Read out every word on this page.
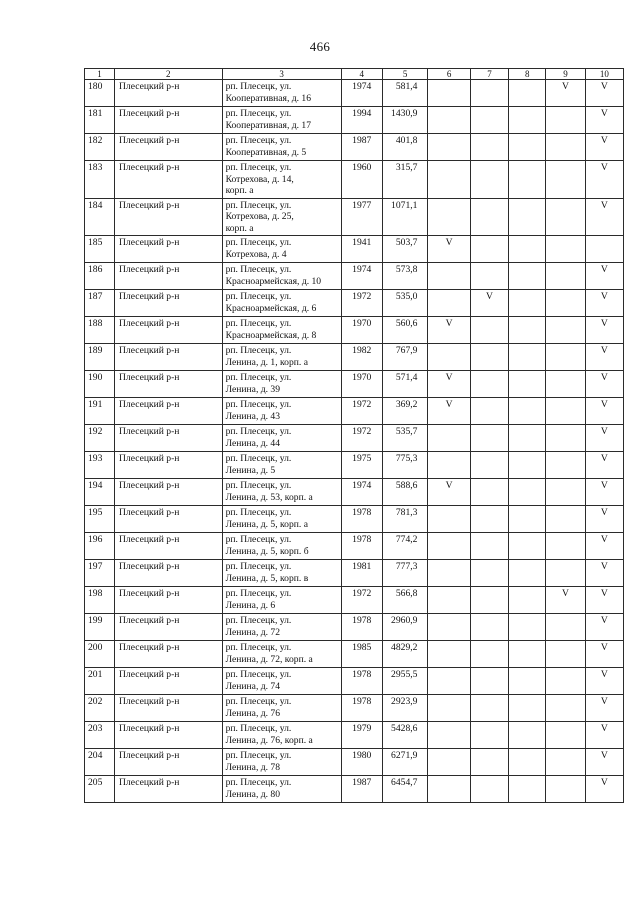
466
1	2	3	4	5	6	7	8	9	10
180	Плесецкий р-н	рп. Плесецк, ул.
Кооперативная, д. 16	1974	581,4				V	V
181	Плесецкий р-н	рп. Плесецк, ул.
Кооперативная, д. 17	1994	1430,9					V
182	Плесецкий р-н	рп. Плесецк, ул.
Кооперативная, д. 5	1987	401,8					V
183	Плесецкий р-н	рп. Плесецк, ул.
Котрехова, д. 14,
корп. а	1960	315,7					V
184	Плесецкий р-н	рп. Плесецк, ул.
Котрехова, д. 25,
корп. а	1977	1071,1					V
185	Плесецкий р-н	рп. Плесецк, ул.
Котрехова, д. 4	1941	503,7	V				
186	Плесецкий р-н	рп. Плесецк, ул.
Красноармейская, д. 10	1974	573,8					V
187	Плесецкий р-н	рп. Плесецк, ул.
Красноармейская, д. 6	1972	535,0		V			V
188	Плесецкий р-н	рп. Плесецк, ул.
Красноармейская, д. 8	1970	560,6	V				V
189	Плесецкий р-н	рп. Плесецк, ул.
Ленина, д. 1, корп. а	1982	767,9					V
190	Плесецкий р-н	рп. Плесецк, ул.
Ленина, д. 39	1970	571,4	V				V
191	Плесецкий р-н	рп. Плесецк, ул.
Ленина, д. 43	1972	369,2	V				V
192	Плесецкий р-н	рп. Плесецк, ул.
Ленина, д. 44	1972	535,7					V
193	Плесецкий р-н	рп. Плесецк, ул.
Ленина, д. 5	1975	775,3					V
194	Плесецкий р-н	рп. Плесецк, ул.
Ленина, д. 53, корп. а	1974	588,6	V				V
195	Плесецкий р-н	рп. Плесецк, ул.
Ленина, д. 5, корп. а	1978	781,3					V
196	Плесецкий р-н	рп. Плесецк, ул.
Ленина, д. 5, корп. б	1978	774,2					V
197	Плесецкий р-н	рп. Плесецк, ул.
Ленина, д. 5, корп. в	1981	777,3					V
198	Плесецкий р-н	рп. Плесецк, ул.
Ленина, д. 6	1972	566,8				V	V
199	Плесецкий р-н	рп. Плесецк, ул.
Ленина, д. 72	1978	2960,9					V
200	Плесецкий р-н	рп. Плесецк, ул.
Ленина, д. 72, корп. а	1985	4829,2					V
201	Плесецкий р-н	рп. Плесецк, ул.
Ленина, д. 74	1978	2955,5					V
202	Плесецкий р-н	рп. Плесецк, ул.
Ленина, д. 76	1978	2923,9					V
203	Плесецкий р-н	рп. Плесецк, ул.
Ленина, д. 76, корп. а	1979	5428,6					V
204	Плесецкий р-н	рп. Плесецк, ул.
Ленина, д. 78	1980	6271,9					V
205	Плесецкий р-н	рп. Плесецк, ул.
Ленина, д. 80	1987	6454,7					V
